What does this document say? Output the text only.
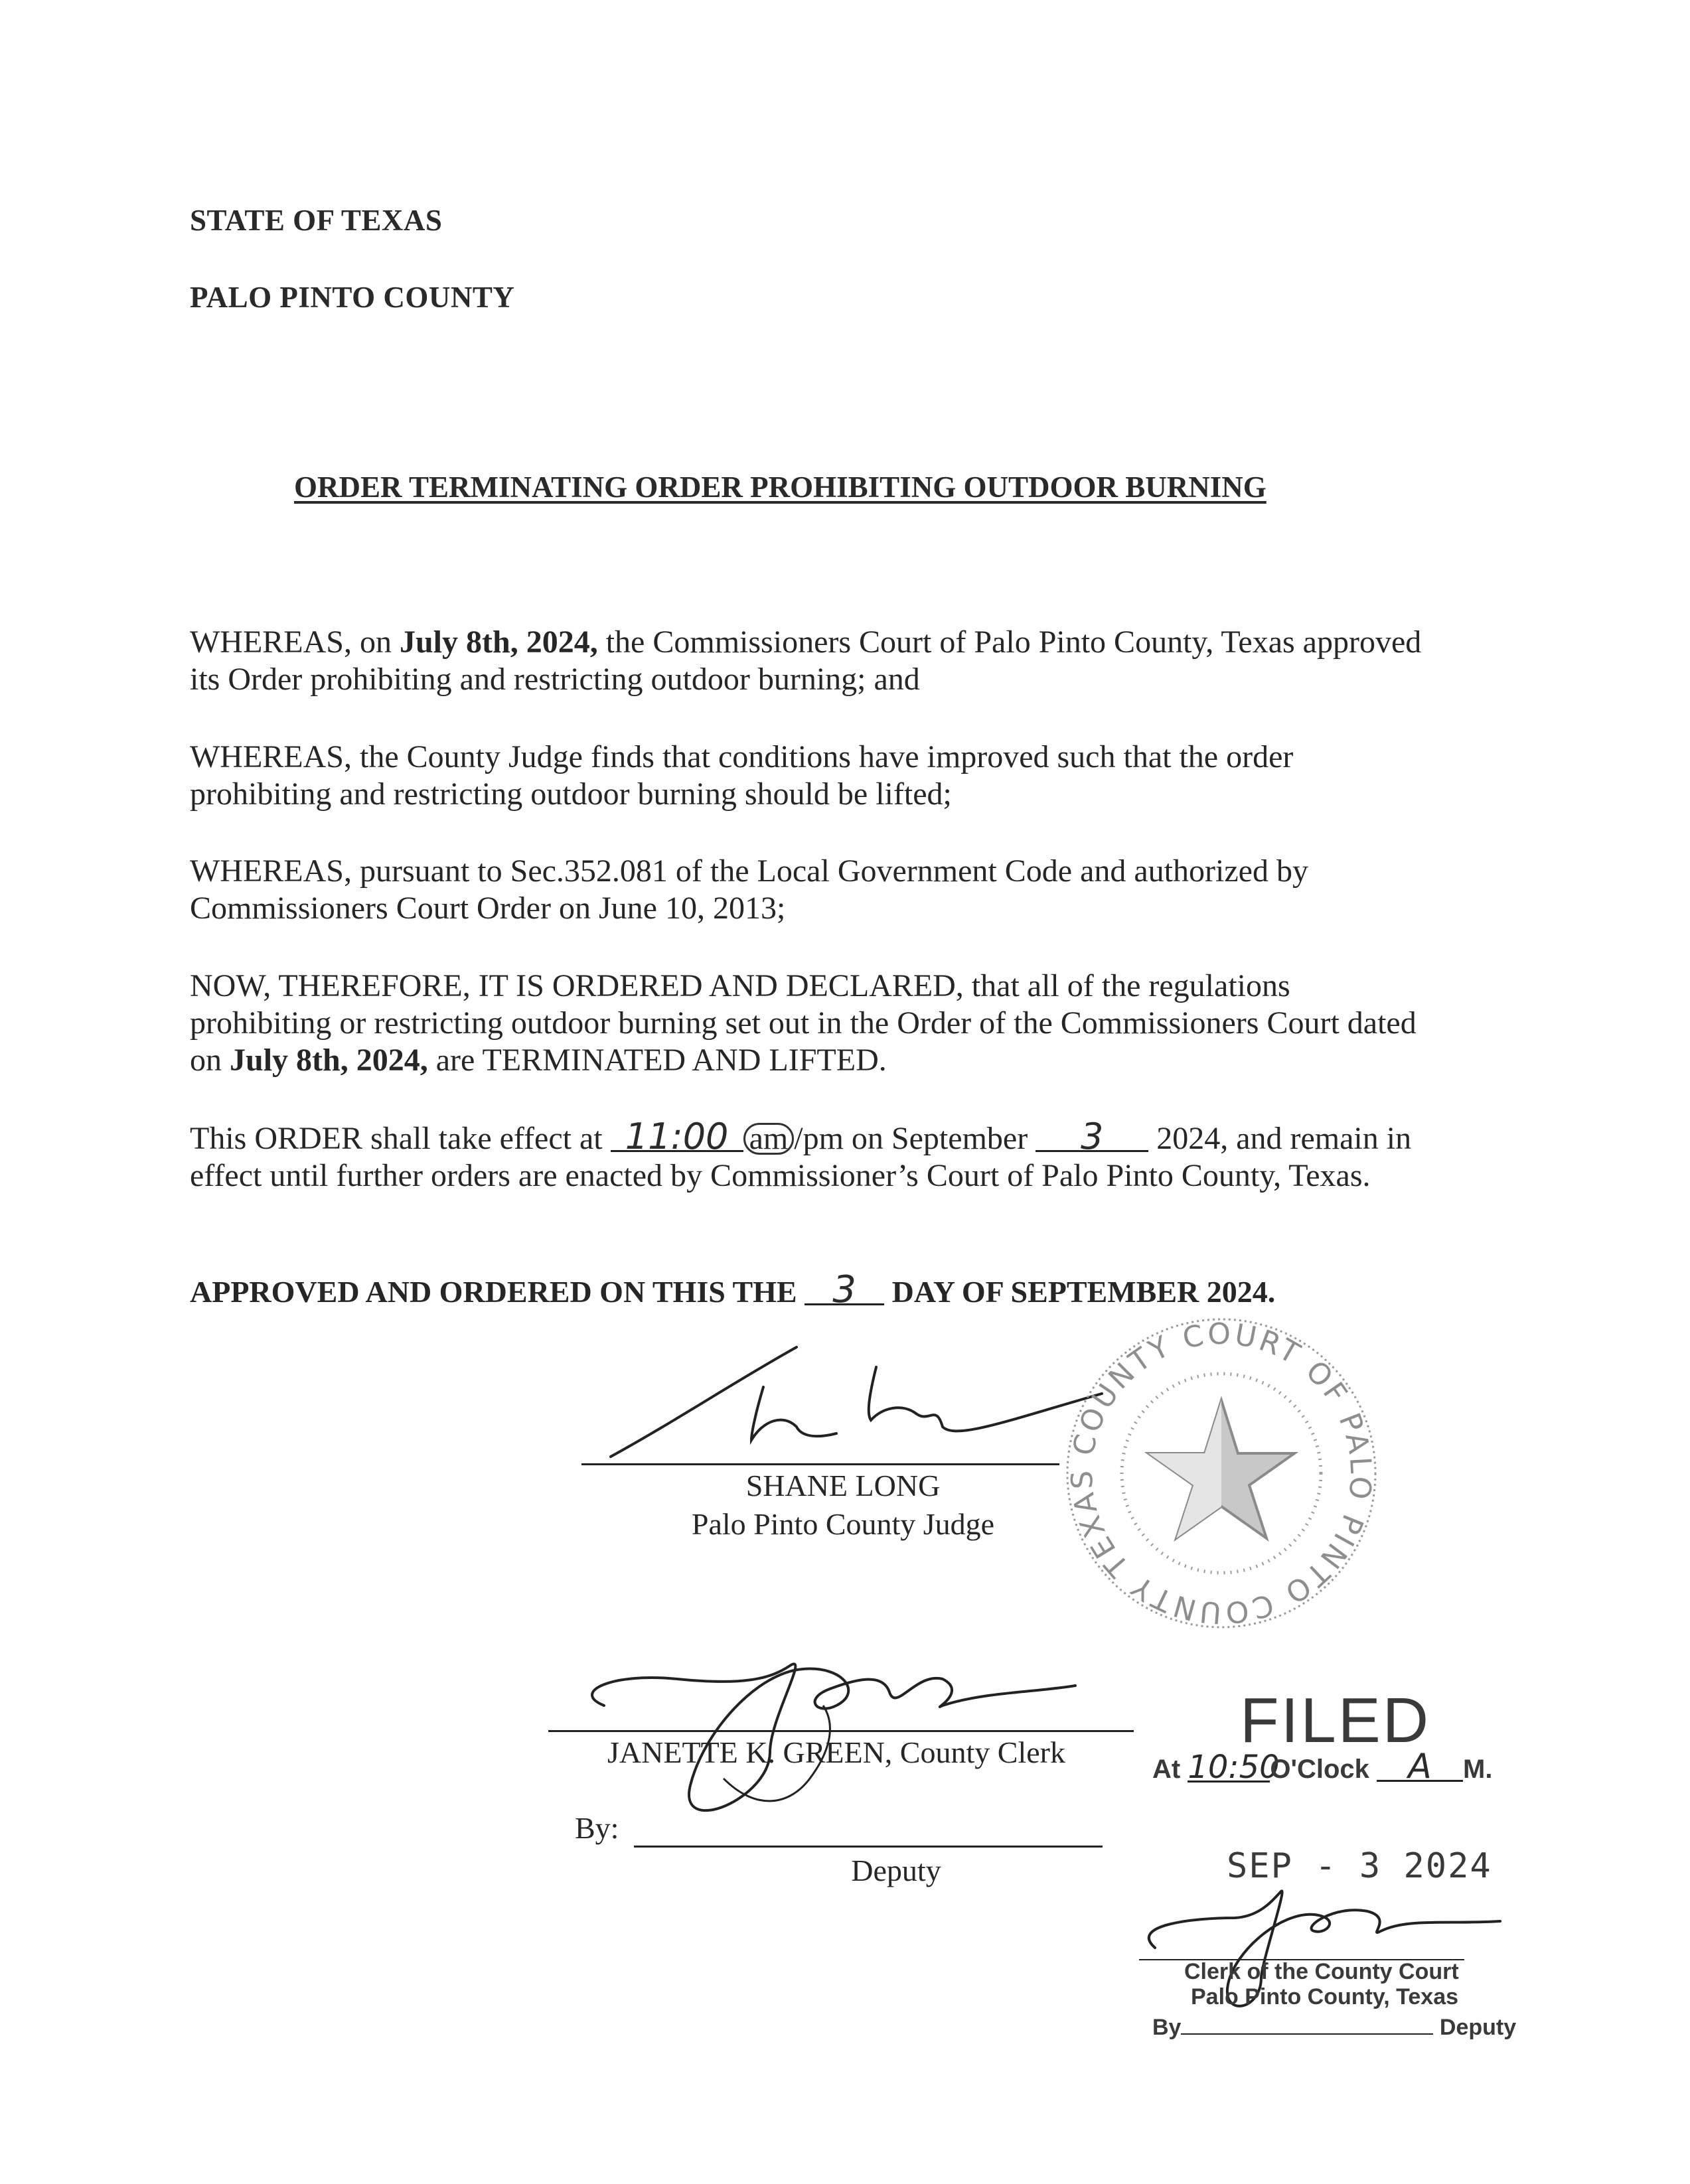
STATE OF TEXAS
PALO PINTO COUNTY
ORDER TERMINATING ORDER PROHIBITING OUTDOOR BURNING
WHEREAS, on July 8th, 2024, the Commissioners Court of Palo Pinto County, Texas approved
its Order prohibiting and restricting outdoor burning; and
WHEREAS, the County Judge finds that conditions have improved such that the order
prohibiting and restricting outdoor burning should be lifted;
WHEREAS, pursuant to Sec.352.081 of the Local Government Code and authorized by
Commissioners Court Order on June 10, 2013;
NOW, THEREFORE, IT IS ORDERED AND DECLARED, that all of the regulations
prohibiting or restricting outdoor burning set out in the Order of the Commissioners Court dated
on July 8th, 2024, are TERMINATED AND LIFTED.
This ORDER shall take effect at 11:00 am /pm on September 3 2024, and remain in
effect until further orders are enacted by Commissioner’s Court of Palo Pinto County, Texas.
APPROVED AND ORDERED ON THIS THE 3 DAY OF SEPTEMBER 2024.
SHANE LONG
Palo Pinto County Judge
COUNTY COURT OF PALO PINTO COUNTY TEXAS
JANETTE K. GREEN, County Clerk
By:
Deputy
FILED
At 10:50O'Clock A M.
SEP - 3 2024
Clerk of the County Court
Palo Pinto County, Texas
By	Deputy
